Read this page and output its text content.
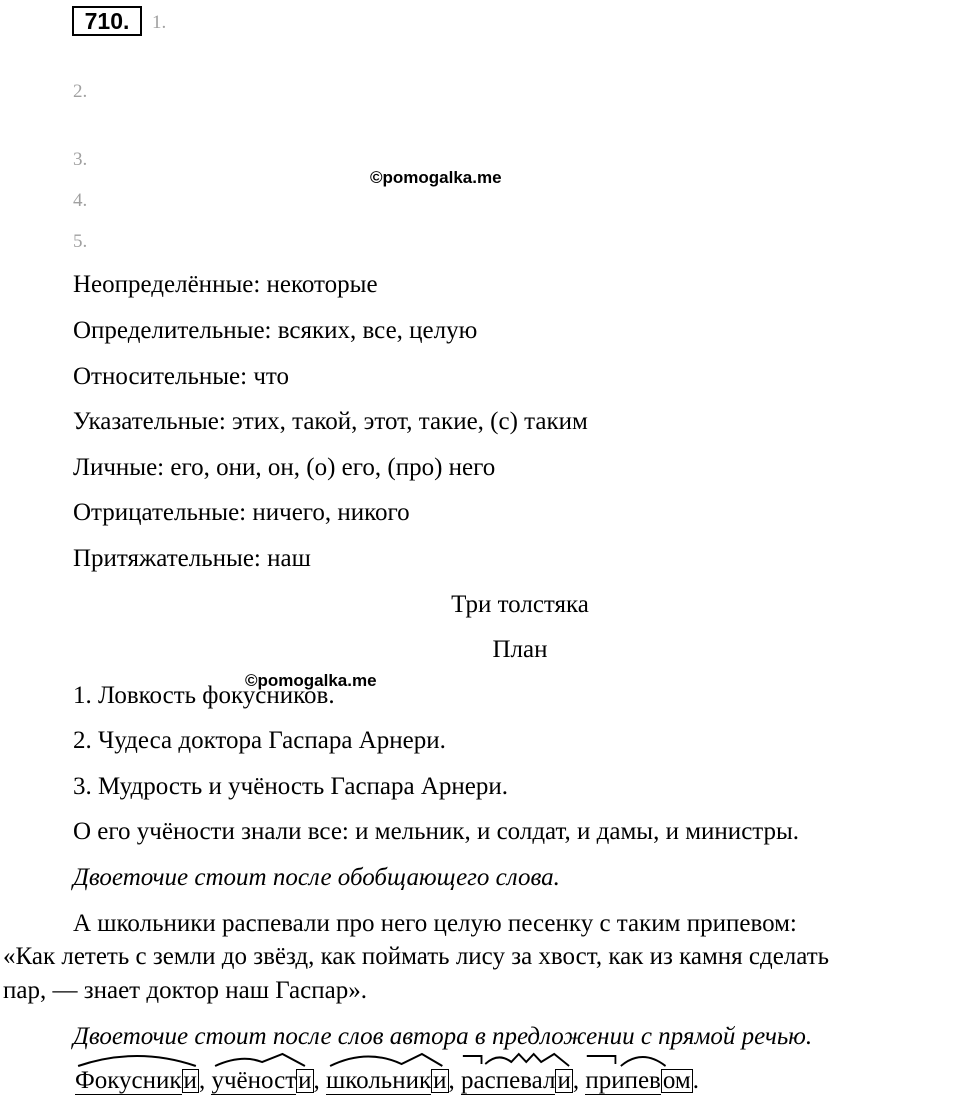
710.	1.
2.
3.
4.
5.
©pomogalka.me
Неопределённые: некоторые
Определительные: всяких, все, целую
Относительные: что
Указательные: этих, такой, этот, такие, (с) таким
Личные: его, они, он, (о) его, (про) него
Отрицательные: ничего, никого
Притяжательные: наш
Три толстяка
План
1. Ловкость фокусников.
©pomogalka.me
2. Чудеса доктора Гаспара Арнери.
3. Мудрость и учёность Гаспара Арнери.
О его учёности знали все: и мельник, и солдат, и дамы, и министры.
Двоеточие стоит после обобщающего слова.
А школьники распевали про него целую песенку с таким припевом:
«Как лететь с земли до звёзд, как поймать лису за хвост, как из камня сделать
пар, — знает доктор наш Гаспар».
Двоеточие стоит после слов автора в предложении с прямой речью.
Фокусники,
учёности,
школьники,
распевали,
припевом.
